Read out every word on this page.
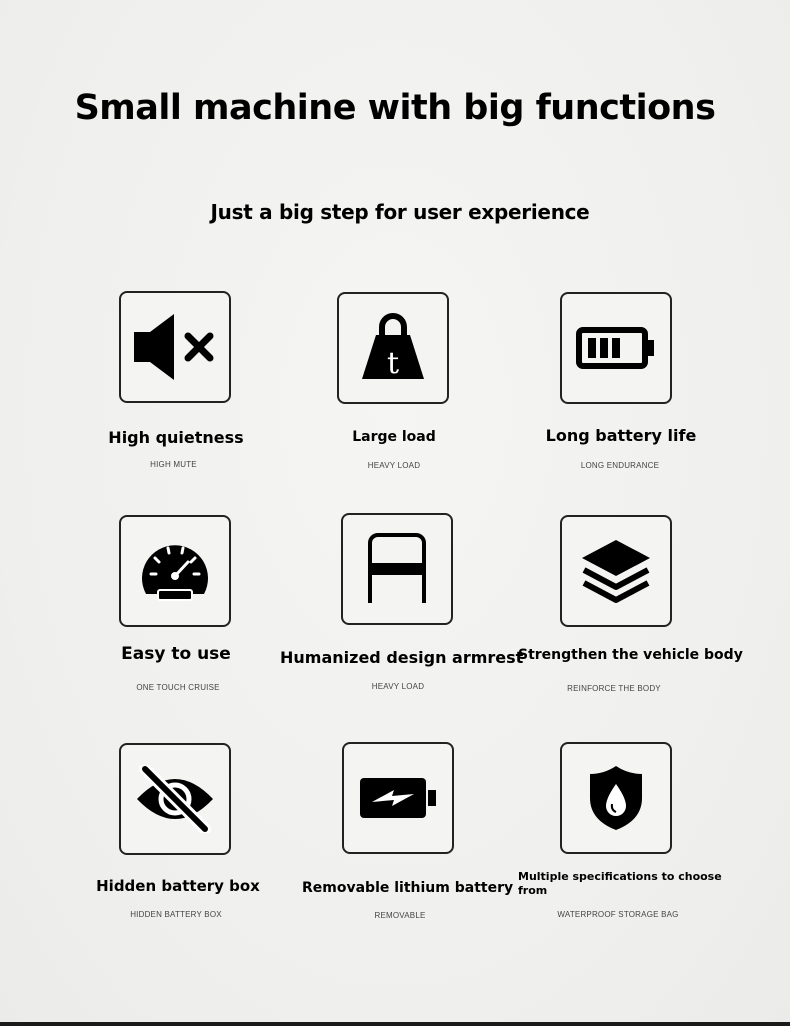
Small machine with big functions
Just a big step for user experience
High quietness
HIGH MUTE
t
Large load
HEAVY LOAD
Long battery life
LONG ENDURANCE
Easy to use
ONE TOUCH CRUISE
Humanized design armrest
HEAVY LOAD
Strengthen the vehicle body
REINFORCE THE BODY
Hidden battery box
HIDDEN BATTERY BOX
Removable lithium battery
REMOVABLE
Multiple specifications to choose from
WATERPROOF STORAGE BAG
